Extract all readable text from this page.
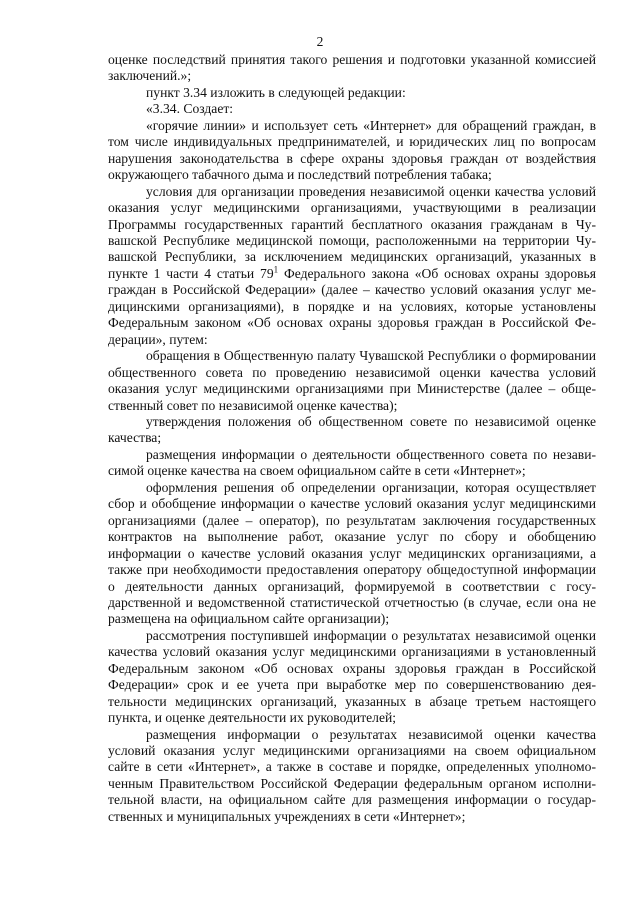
2

оценке последствий принятия такого решения и подготовки указанной комиссией заключений.»;

пункт 3.34 изложить в следующей редакции:

«3.34. Создает:

«горячие линии» и использует сеть «Интернет» для обращений граждан, в том числе индивидуальных предпринимателей, и юридических лиц по вопросам нарушения законодательства в сфере охраны здоровья граждан от воздействия окружающего табачного дыма и последствий потребления табака;

условия для организации проведения независимой оценки качества условий оказания услуг медицинскими организациями, участвующими в реализации Программы государственных гарантий бесплатного оказания гражданам в Чувашской Республике медицинской помощи, расположенными на территории Чувашской Республики, за исключением медицинских организаций, указанных в пункте 1 части 4 статьи $79^1$ Федерального закона «Об основах охраны здоровья граждан в Российской Федерации» (далее – качество условий оказания услуг медицинскими организациями), в порядке и на условиях, которые установлены Федеральным законом «Об основах охраны здоровья граждан в Российской Федерации», путем:

обращения в Общественную палату Чувашской Республики о формировании общественного совета по проведению независимой оценки качества условий оказания услуг медицинскими организациями при Министерстве (далее – общественный совет по независимой оценке качества);

утверждения положения об общественном совете по независимой оценке качества;

размещения информации о деятельности общественного совета по независимой оценке качества на своем официальном сайте в сети «Интернет»;

оформления решения об определении организации, которая осуществляет сбор и обобщение информации о качестве условий оказания услуг медицинскими организациями (далее – оператор), по результатам заключения государственных контрактов на выполнение работ, оказание услуг по сбору и обобщению информации о качестве условий оказания услуг медицинских организациями, а также при необходимости предоставления оператору общедоступной информации о деятельности данных организаций, формируемой в соответствии с государственной и ведомственной статистической отчетностью (в случае, если она не размещена на официальном сайте организации);

рассмотрения поступившей информации о результатах независимой оценки качества условий оказания услуг медицинскими организациями в установленный Федеральным законом «Об основах охраны здоровья граждан в Российской Федерации» срок и ее учета при выработке мер по совершенствованию деятельности медицинских организаций, указанных в абзаце третьем настоящего пункта, и оценке деятельности их руководителей;

размещения информации о результатах независимой оценки качества условий оказания услуг медицинскими организациями на своем официальном сайте в сети «Интернет», а также в составе и порядке, определенных уполномоченным Правительством Российской Федерации федеральным органом исполнительной власти, на официальном сайте для размещения информации о государственных и муниципальных учреждениях в сети «Интернет»;
